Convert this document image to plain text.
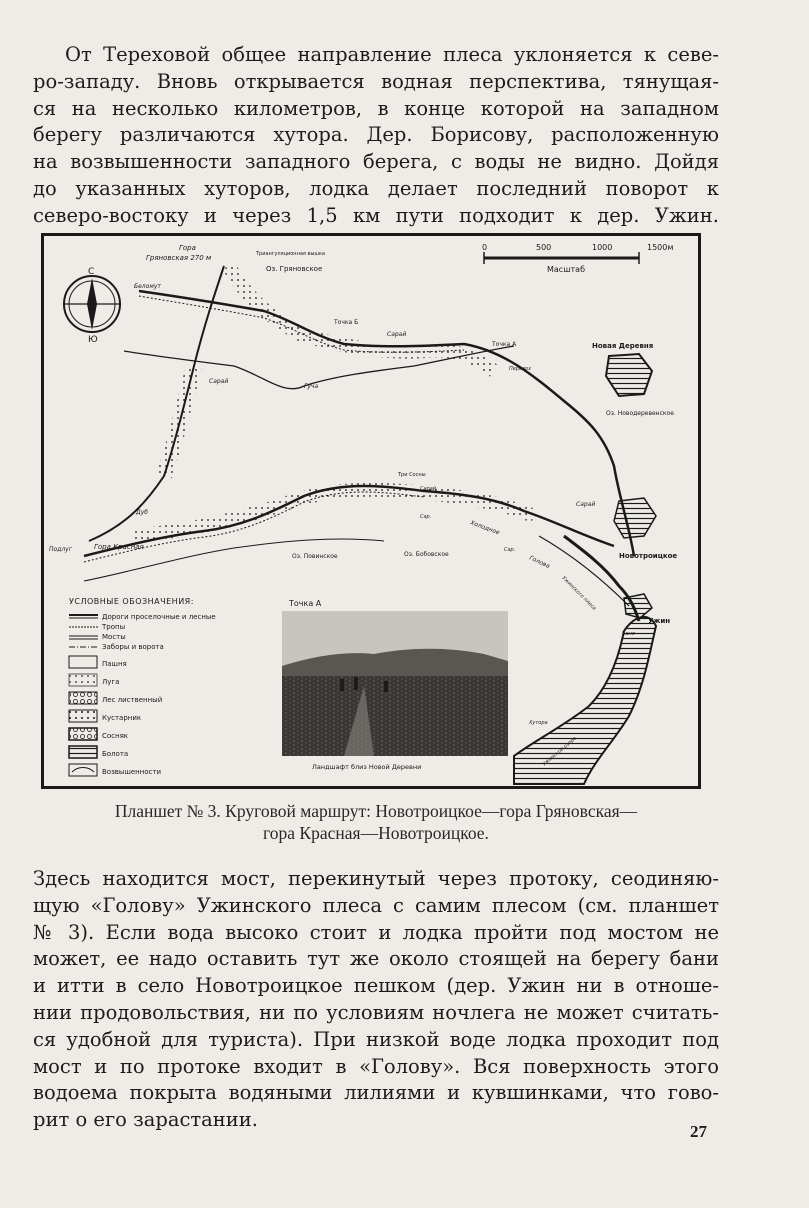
От Тереховой общее направление плеса уклоняется к севе-
ро-западу. Вновь открывается водная перспектива, тянущая-
ся на несколько километров, в конце которой на западном
берегу различаются хутора. Дер. Борисову, расположенную
на возвышенности западного берега, с воды не видно. Дойдя
до указанных хуторов, лодка делает последний поворот к
северо-востоку и через 1,5 км пути подходит к дер. Ужин.
С
Ю
0	500	1000	1500м
Масштаб
Гора
Гряновская 270 м	Триангуляционная вышка
Оз. Гряновское
Беломут
Точка Б
Сарай
Точка А	Новая Деревня
Перевоз
Сарай
Гуча
Оз. Новодеревенское
Три Сосны
Сарай
Сарай
Сар.
Холодное
Подлуг	Гора Красная
Дуб
Оз. Повинское	Оз. Бобовское
Сар.
Голова
Ужинского плеса
Новотроицкое
Ужин
Баня
Хутора
Ужинское озеро
УСЛОВНЫЕ ОБОЗНАЧЕНИЯ:
Дороги проселочные и лесные
Тропы
Мосты
Заборы и ворота
Пашня
Луга
Лес лиственный
Кустарник
Сосняк
Болота
Возвышенности
Точка А
Ландшафт близ Новой Деревни
Планшет № 3. Круговой маршрут: Новотроицкое—гора Гряновская—
гора Красная—Новотроицкое.
Здесь находится мост, перекинутый через протоку, сеодиняю-
щую «Голову» Ужинского плеса с самим плесом (см. планшет
№ 3). Если вода высоко стоит и лодка пройти под мостом не
может, ее надо оставить тут же около стоящей на берегу бани
и итти в село Новотроицкое пешком (дер. Ужин ни в отноше-
нии продовольствия, ни по условиям ночлега не может считать-
ся удобной для туриста). При низкой воде лодка проходит под
мост и по протоке входит в «Голову». Вся поверхность этого
водоема покрыта водяными лилиями и кувшинками, что гово-
рит о его зарастании.
27
